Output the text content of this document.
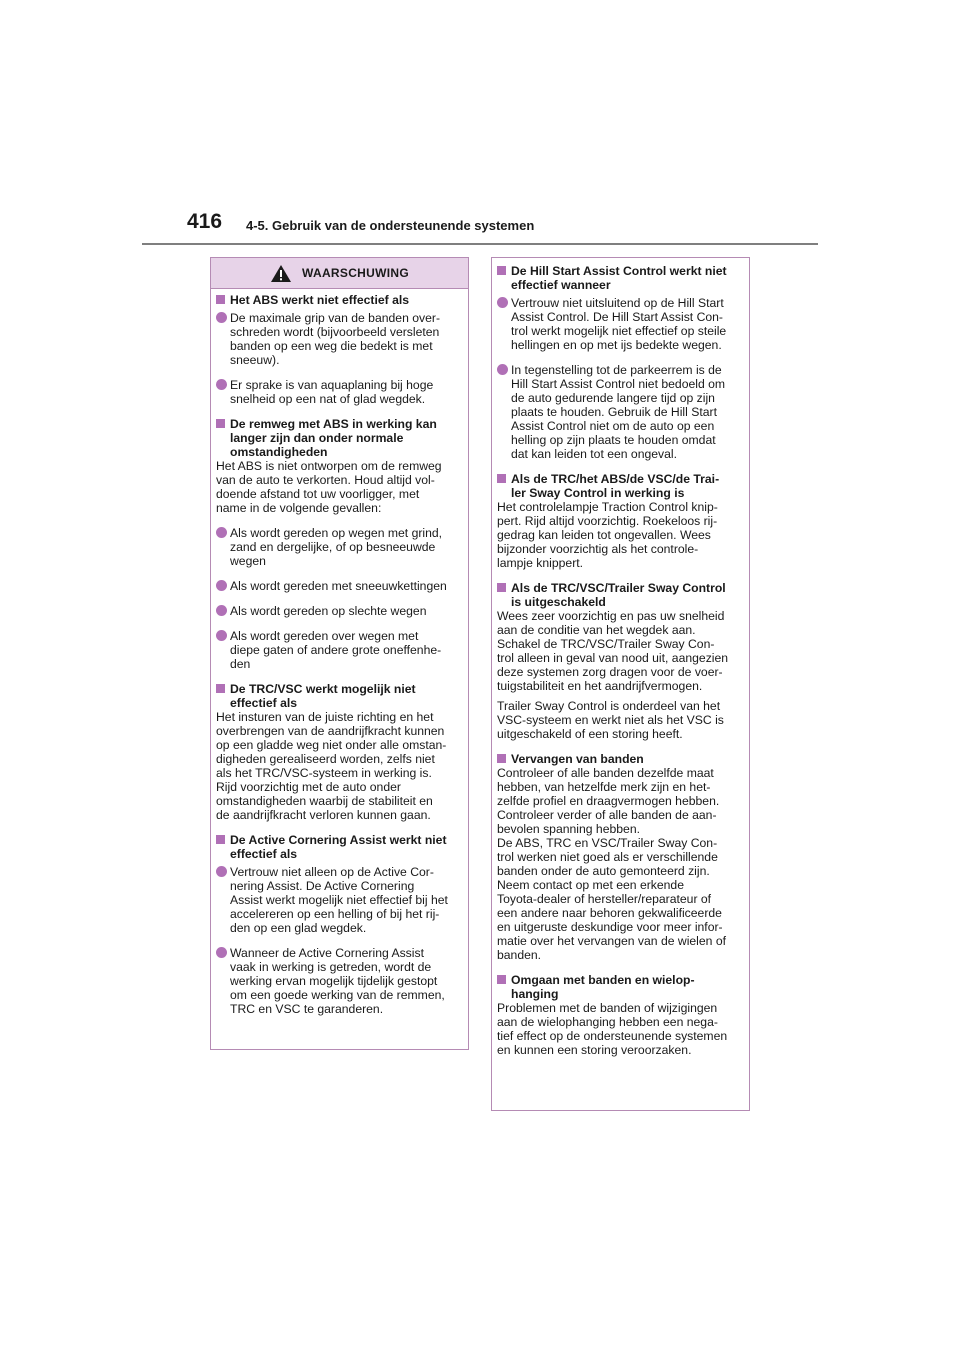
416 4-5. Gebruik van de ondersteunende systemen
WAARSCHUWING
Het ABS werkt niet effectief als
De maximale grip van de banden over-
schreden wordt (bijvoorbeeld versleten
banden op een weg die bedekt is met
sneeuw).
Er sprake is van aquaplaning bij hoge
snelheid op een nat of glad wegdek.
De remweg met ABS in werking kan
langer zijn dan onder normale
omstandigheden
Het ABS is niet ontworpen om de remweg
van de auto te verkorten. Houd altijd vol-
doende afstand tot uw voorligger, met
name in de volgende gevallen:
Als wordt gereden op wegen met grind,
zand en dergelijke, of op besneeuwde
wegen
Als wordt gereden met sneeuwkettingen
Als wordt gereden op slechte wegen
Als wordt gereden over wegen met
diepe gaten of andere grote oneffenhe-
den
De TRC/VSC werkt mogelijk niet
effectief als
Het insturen van de juiste richting en het
overbrengen van de aandrijfkracht kunnen
op een gladde weg niet onder alle omstan-
digheden gerealiseerd worden, zelfs niet
als het TRC/VSC-systeem in werking is.
Rijd voorzichtig met de auto onder
omstandigheden waarbij de stabiliteit en
de aandrijfkracht verloren kunnen gaan.
De Active Cornering Assist werkt niet
effectief als
Vertrouw niet alleen op de Active Cor-
nering Assist. De Active Cornering
Assist werkt mogelijk niet effectief bij het
accelereren op een helling of bij het rij-
den op een glad wegdek.
Wanneer de Active Cornering Assist
vaak in werking is getreden, wordt de
werking ervan mogelijk tijdelijk gestopt
om een goede werking van de remmen,
TRC en VSC te garanderen.
De Hill Start Assist Control werkt niet
effectief wanneer
Vertrouw niet uitsluitend op de Hill Start
Assist Control. De Hill Start Assist Con-
trol werkt mogelijk niet effectief op steile
hellingen en op met ijs bedekte wegen.
In tegenstelling tot de parkeerrem is de
Hill Start Assist Control niet bedoeld om
de auto gedurende langere tijd op zijn
plaats te houden. Gebruik de Hill Start
Assist Control niet om de auto op een
helling op zijn plaats te houden omdat
dat kan leiden tot een ongeval.
Als de TRC/het ABS/de VSC/de Trai-
ler Sway Control in werking is
Het controlelampje Traction Control knip-
pert. Rijd altijd voorzichtig. Roekeloos rij-
gedrag kan leiden tot ongevallen. Wees
bijzonder voorzichtig als het controle-
lampje knippert.
Als de TRC/VSC/Trailer Sway Control
is uitgeschakeld
Wees zeer voorzichtig en pas uw snelheid
aan de conditie van het wegdek aan.
Schakel de TRC/VSC/Trailer Sway Con-
trol alleen in geval van nood uit, aangezien
deze systemen zorg dragen voor de voer-
tuigstabiliteit en het aandrijfvermogen.
Trailer Sway Control is onderdeel van het
VSC-systeem en werkt niet als het VSC is
uitgeschakeld of een storing heeft.
Vervangen van banden
Controleer of alle banden dezelfde maat
hebben, van hetzelfde merk zijn en het-
zelfde profiel en draagvermogen hebben.
Controleer verder of alle banden de aan-
bevolen spanning hebben.
De ABS, TRC en VSC/Trailer Sway Con-
trol werken niet goed als er verschillende
banden onder de auto gemonteerd zijn.
Neem contact op met een erkende
Toyota-dealer of hersteller/reparateur of
een andere naar behoren gekwalificeerde
en uitgeruste deskundige voor meer infor-
matie over het vervangen van de wielen of
banden.
Omgaan met banden en wielop-
hanging
Problemen met de banden of wijzigingen
aan de wielophanging hebben een nega-
tief effect op de ondersteunende systemen
en kunnen een storing veroorzaken.
